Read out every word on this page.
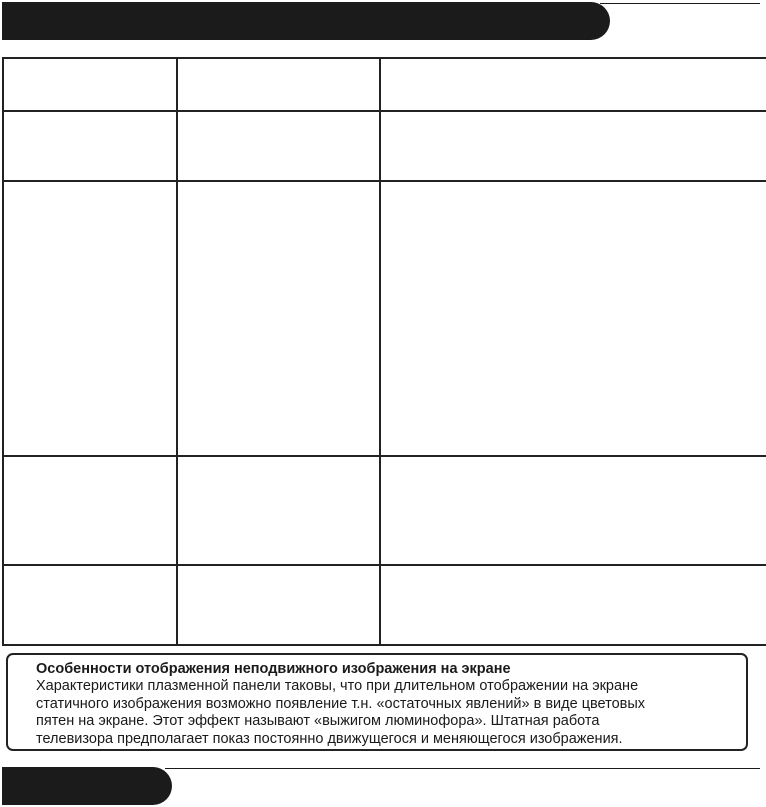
Особенности отображения неподвижного изображения на экране

Характеристики плазменной панели таковы, что при длительном отображении на экране

статичного изображения возможно появление т.н. «остаточных явлений» в виде цветовых

пятен на экране. Этот эффект называют «выжигом люминофора». Штатная работа

телевизора предполагает показ постоянно движущегося и меняющегося изображения.
